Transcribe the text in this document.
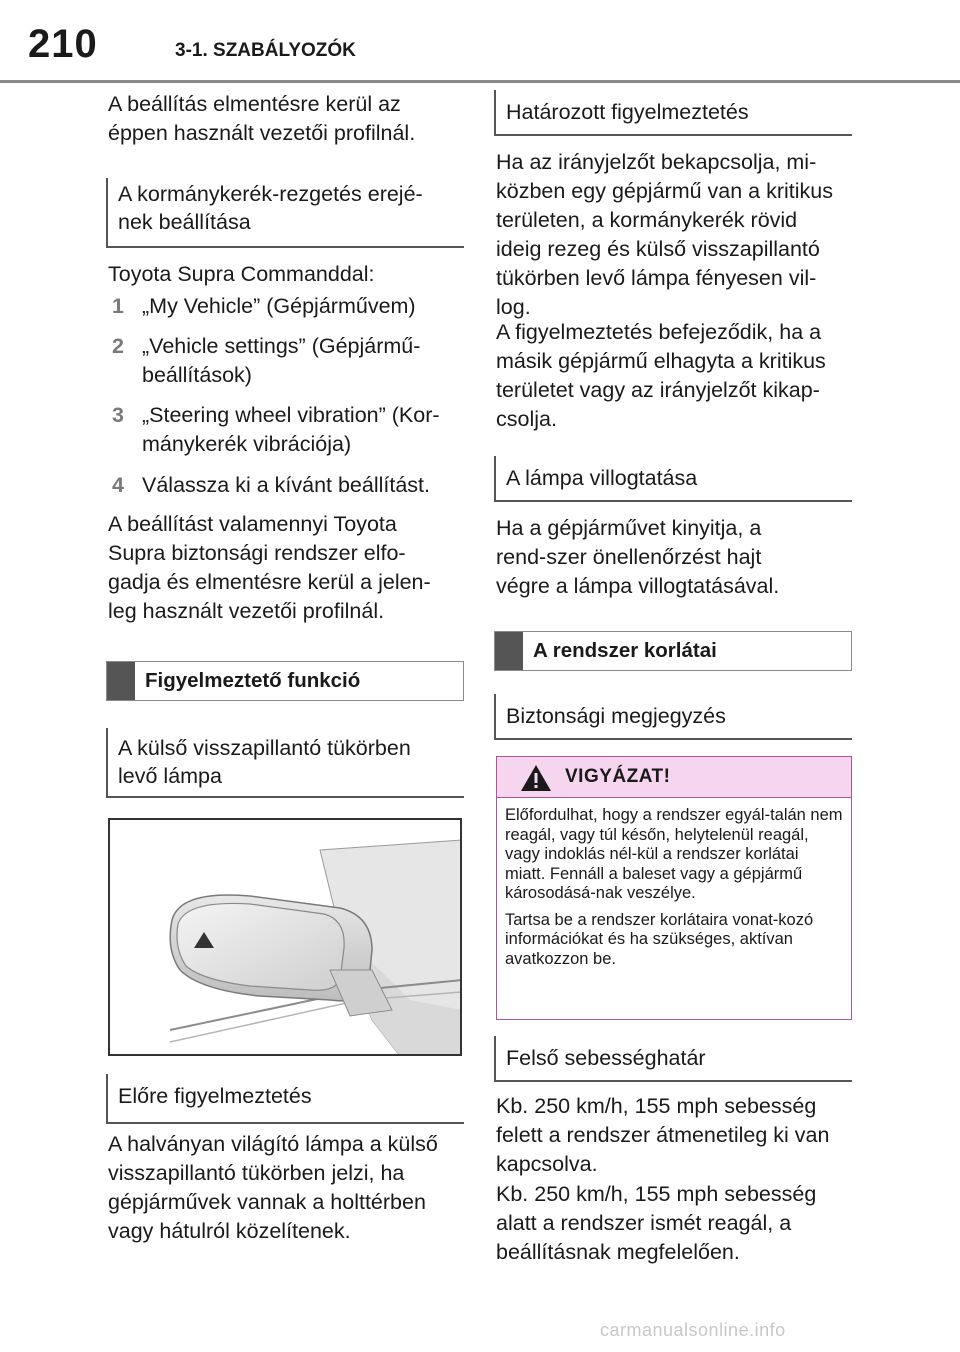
210	3-1. SZABÁLYOZÓK

A beállítás elmentésre kerül az éppen használt vezetői profilnál.

A kormánykerék-rezgetés erejé-nek beállítása

Toyota Supra Commanddal:

1 „My Vehicle” (Gépjárművem)
2 „Vehicle settings” (Gépjármű-beállítások)
3 „Steering wheel vibration” (Kor-mánykerék vibrációja)
4 Válassza ki a kívánt beállítást.

A beállítást valamennyi Toyota Supra biztonsági rendszer elfo-gadja és elmentésre kerül a jelen-leg használt vezetői profilnál.

Figyelmeztető funkció
A külső visszapillantó tükörben levő lámpa
Előre figyelmeztetés

A halványan világító lámpa a külső visszapillantó tükörben jelzi, ha gépjárművek vannak a holttérben vagy hátulról közelítenek.

Határozott figyelmeztetés

Ha az irányjelzőt bekapcsolja, mi-közben egy gépjármű van a kritikus területen, a kormánykerék rövid ideig rezeg és külső visszapillantó tükörben levő lámpa fényesen vil-log.

A figyelmeztetés befejeződik, ha a másik gépjármű elhagyta a kritikus területet vagy az irányjelzőt kikap-csolja.

A lámpa villogtatása

Ha a gépjárművet kinyitja, a rend-szer önellenőrzést hajt végre a lámpa villogtatásával.

A rendszer korlátai
Biztonsági megjegyzés
VIGYÁZAT!

Előfordulhat, hogy a rendszer egyál-talán nem reagál, vagy túl későn, helytelenül reagál, vagy indoklás nél-kül a rendszer korlátai miatt. Fennáll a baleset vagy a gépjármű károsodásá-nak veszélye.

Tartsa be a rendszer korlátaira vonat-kozó információkat és ha szükséges, aktívan avatkozzon be.

Felső sebességhatár

Kb. 250 km/h, 155 mph sebesség felett a rendszer átmenetileg ki van kapcsolva.

Kb. 250 km/h, 155 mph sebesség alatt a rendszer ismét reagál, a beállításnak megfelelően.

carmanualsonline.info
